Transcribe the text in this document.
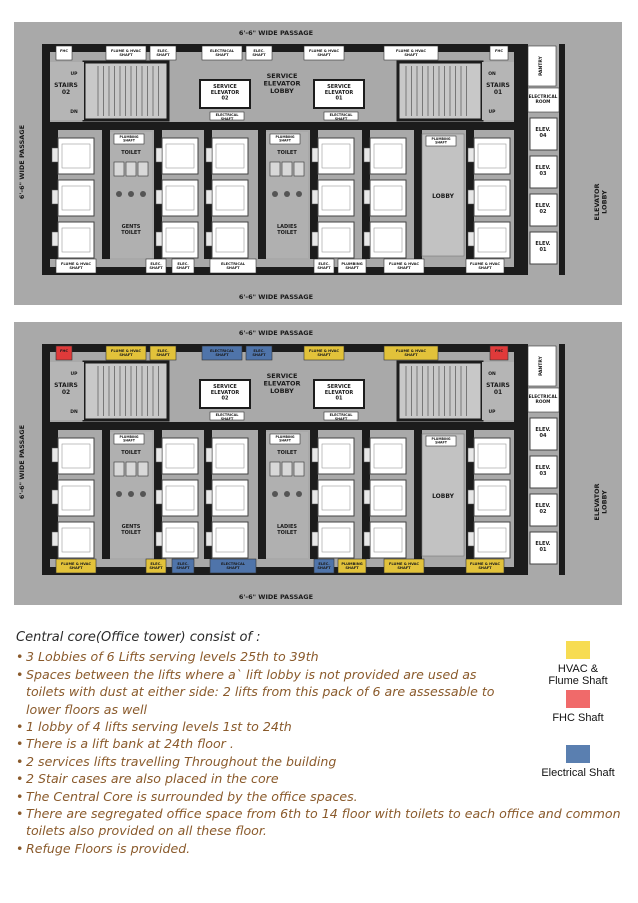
6'-6" WIDE PASSAGE
6'-6" WIDE PASSAGE
6'-6" WIDE PASSAGE
ELEVATORLOBBY
FHC	FLUME & HVAC SHAFT
ELEC. SHAFT
ELECTRICAL SHAFT
ELEC. SHAFT
FLUME & HVAC SHAFT
FLUME & HVAC SHAFT
FHC
FLUME & HVAC SHAFT
ELEC. SHAFT
ELEC. SHAFT
ELECTRICAL SHAFT
ELEC. SHAFT
PLUMBING SHAFT
FLUME & HVAC SHAFT
FLUME & HVAC SHAFT
STAIRS 02
UP
DN
STAIRS 01
ON
UP
SERVICE ELEVATOR 02
SERVICE ELEVATOR 01
SERVICE ELEVATOR LOBBY
ELECTRICAL SHAFT
ELECTRICAL SHAFT
PLUMBING SHAFT
TOILET
GENTS TOILET
PLUMBING SHAFT
TOILET
LADIES TOILET
LOBBY
PLUMBING SHAFT
PANTRY
ELECTRICAL ROOM
ELEV. 04
ELEV. 03
ELEV. 02
ELEV. 01
6'-6" WIDE PASSAGE
6'-6" WIDE PASSAGE
6'-6" WIDE PASSAGE
ELEVATORLOBBY
FHC	FLUME & HVAC SHAFT
ELEC. SHAFT
ELECTRICAL SHAFT
ELEC. SHAFT
FLUME & HVAC SHAFT
FLUME & HVAC SHAFT
FHC
FLUME & HVAC SHAFT
ELEC. SHAFT
ELEC. SHAFT
ELECTRICAL SHAFT
ELEC. SHAFT
PLUMBING SHAFT
FLUME & HVAC SHAFT
FLUME & HVAC SHAFT
STAIRS 02
UP
DN
STAIRS 01
ON
UP
SERVICE ELEVATOR 02
SERVICE ELEVATOR 01
SERVICE ELEVATOR LOBBY
ELECTRICAL SHAFT
ELECTRICAL SHAFT
PLUMBING SHAFT
TOILET
GENTS TOILET
PLUMBING SHAFT
TOILET
LADIES TOILET
LOBBY
PLUMBING SHAFT
PANTRY
ELECTRICAL ROOM
ELEV. 04
ELEV. 03
ELEV. 02
ELEV. 01
Central core(Office tower) consist of :
• 3 Lobbies of 6 Lifts serving levels 25th to 39th
• Spaces between the lifts where a` lift lobby is not provided are used as toilets with dust at either side: 2 lifts from this pack of 6 are assessable to lower floors as well
• 1 lobby of 4 lifts serving levels 1st to 24th
• There is a lift bank at 24th floor .
• 2 services lifts travelling Throughout the building
• 2 Stair cases are also placed in the core
• The Central Core is surrounded by the office spaces.
• There are segregated office space from 6th to 14 floor with toilets to each office and common toilets also provided on all these floor.
• Refuge Floors is provided.
HVAC & Flume Shaft
FHC Shaft
Electrical Shaft
